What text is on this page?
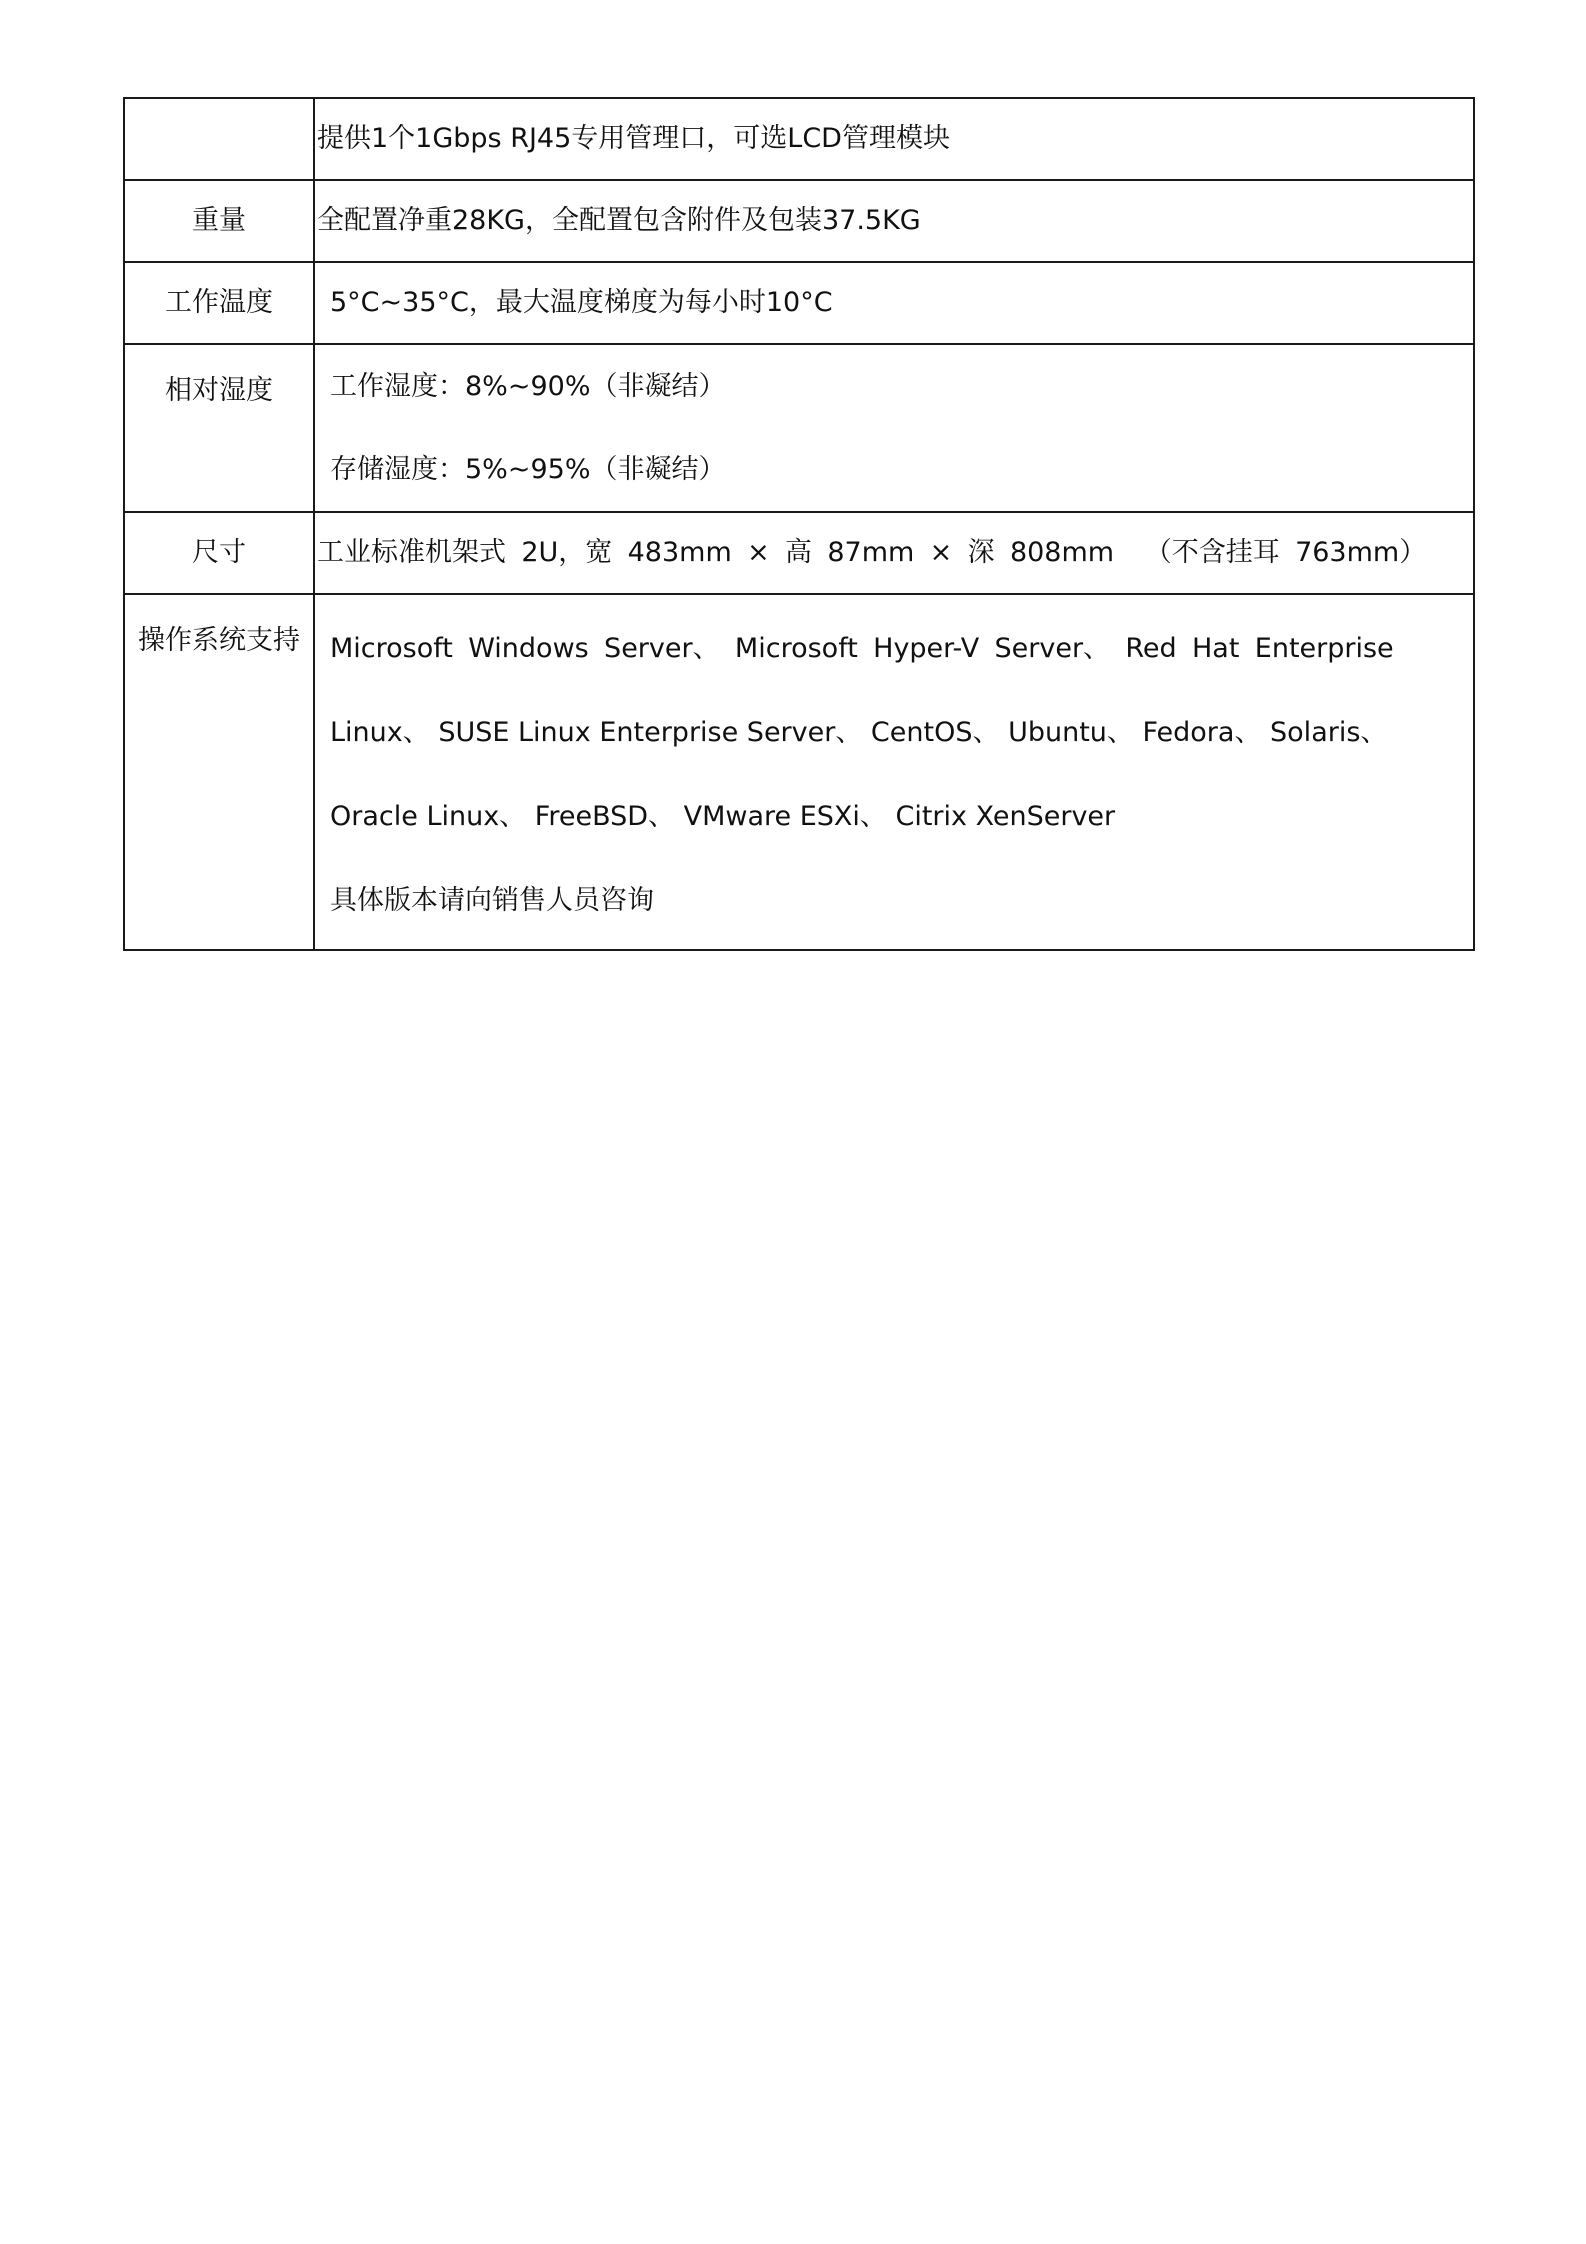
	提供1个1Gbps RJ45专用管理口，可选LCD管理模块
重量	全配置净重28KG，全配置包含附件及包装37.5KG
工作温度	5°C~35°C，最大温度梯度为每小时10°C
相对湿度	工作湿度：8%~90%（非凝结）
存储湿度：5%~95%（非凝结）

尺寸	工业标准机架式 2U，宽 483mm × 高 87mm × 深 808mm  （不含挂耳 763mm）
操作系统支持	Microsoft Windows Server、 Microsoft Hyper-V Server、 Red Hat Enterprise
Linux、 SUSE Linux Enterprise Server、 CentOS、 Ubuntu、 Fedora、 Solaris、
Oracle Linux、 FreeBSD、 VMware ESXi、 Citrix XenServer
具体版本请向销售人员咨询
